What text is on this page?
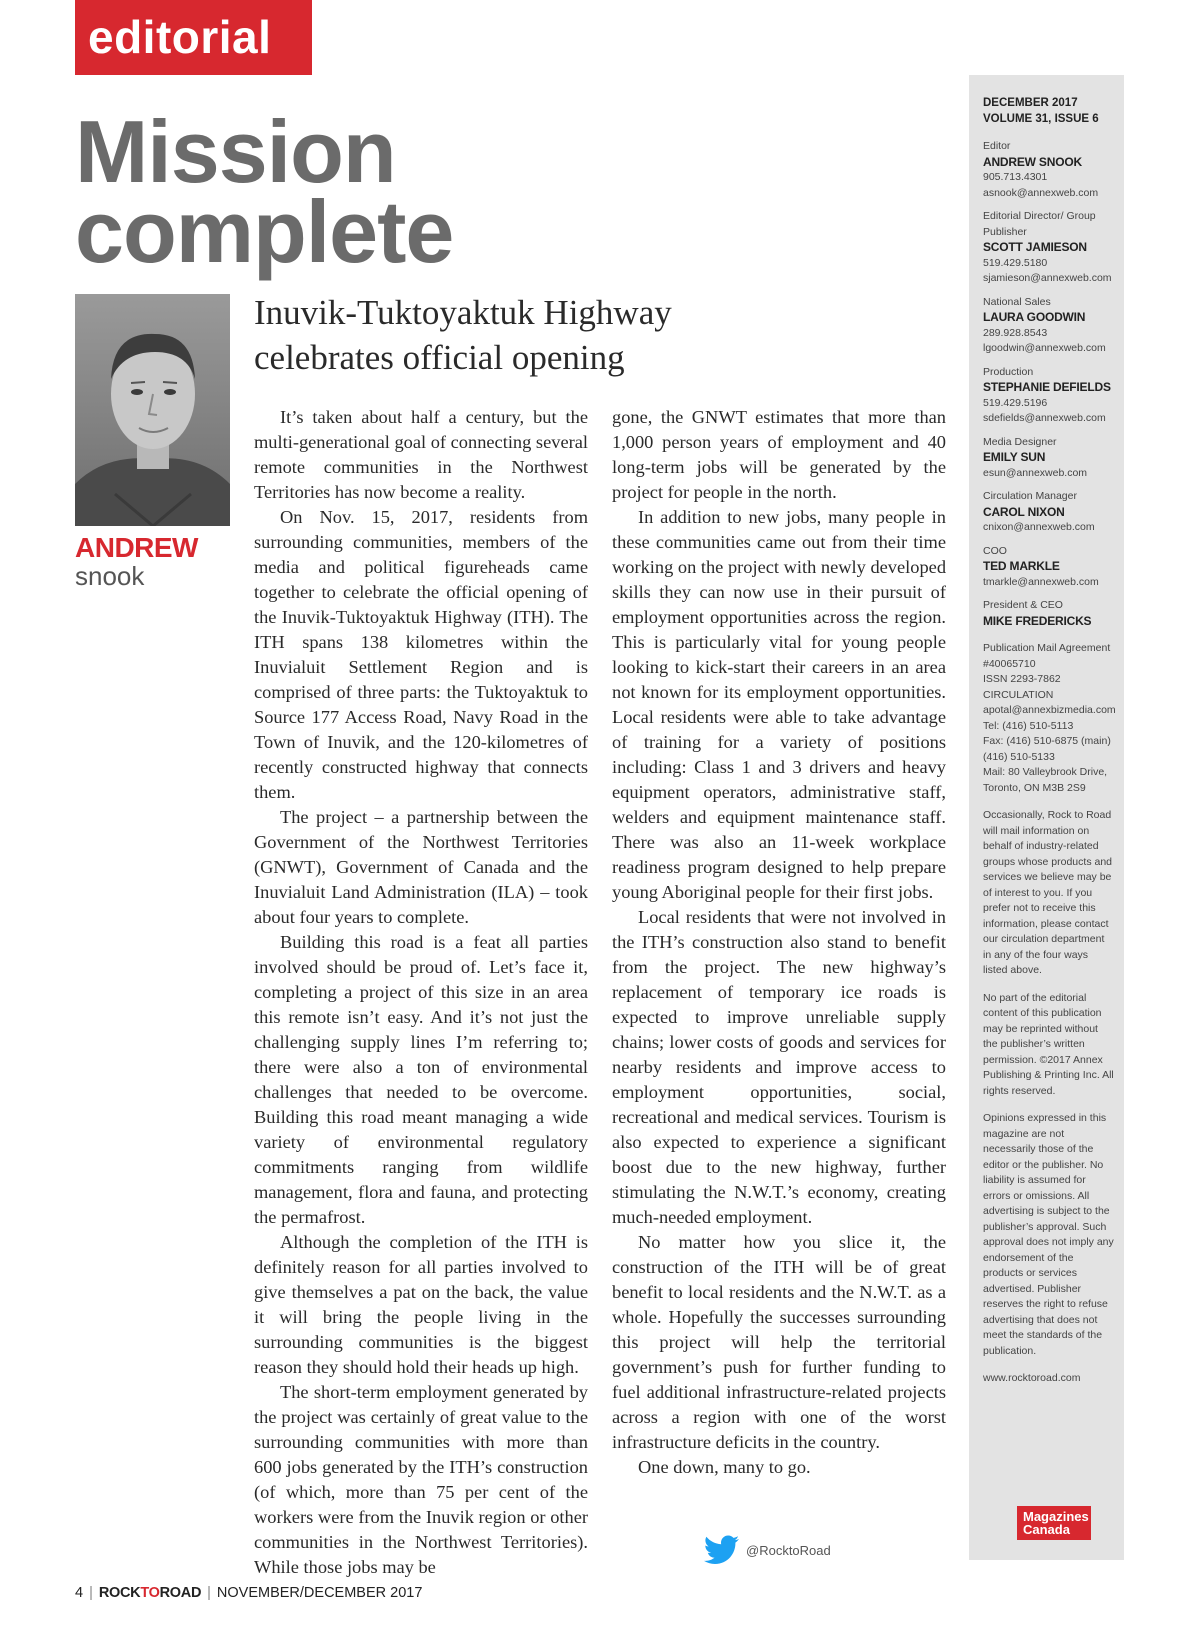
editorial
Mission
complete
ANDREW
snook
Inuvik-Tuktoyaktuk Highway
celebrates official opening

It’s taken about half a century, but the multi-generational goal of connecting several remote communities in the Northwest Territories has now become a reality.

On Nov. 15, 2017, residents from surrounding communities, members of the media and political figureheads came together to celebrate the official opening of the Inuvik-Tuktoyaktuk Highway (ITH). The ITH spans 138 kilometres within the Inuvialuit Settlement Region and is comprised of three parts: the Tuktoyaktuk to Source 177 Access Road, Navy Road in the Town of Inuvik, and the 120-kilometres of recently constructed highway that connects them.

The project – a partnership between the Government of the Northwest Territories (GNWT), Government of Canada and the Inuvialuit Land Administration (ILA) – took about four years to complete.

Building this road is a feat all parties involved should be proud of. Let’s face it, completing a project of this size in an area this remote isn’t easy. And it’s not just the challenging supply lines I’m referring to; there were also a ton of environmental challenges that needed to be overcome. Building this road meant managing a wide variety of environmental regulatory commitments ranging from wildlife management, flora and fauna, and protecting the permafrost.

Although the completion of the ITH is definitely reason for all parties involved to give themselves a pat on the back, the value it will bring the people living in the surrounding communities is the biggest reason they should hold their heads up high.

The short-term employment generated by the project was certainly of great value to the surrounding communities with more than 600 jobs generated by the ITH’s construction (of which, more than 75 per cent of the workers were from the Inuvik region or other communities in the Northwest Territories). While those jobs may be

gone, the GNWT estimates that more than 1,000 person years of employment and 40 long-term jobs will be generated by the project for people in the north.

In addition to new jobs, many people in these communities came out from their time working on the project with newly developed skills they can now use in their pursuit of employment opportunities across the region. This is particularly vital for young people looking to kick-start their careers in an area not known for its employment opportunities. Local residents were able to take advantage of training for a variety of positions including: Class 1 and 3 drivers and heavy equipment operators, administrative staff, welders and equipment maintenance staff. There was also an 11-week workplace readiness program designed to help prepare young Aboriginal people for their first jobs.

Local residents that were not involved in the ITH’s construction also stand to benefit from the project. The new highway’s replacement of temporary ice roads is expected to improve unreliable supply chains; lower costs of goods and services for nearby residents and improve access to employment opportunities, social, recreational and medical services. Tourism is also expected to experience a significant boost due to the new highway, further stimulating the N.W.T.’s economy, creating much-needed employment.

No matter how you slice it, the construction of the ITH will be of great benefit to local residents and the N.W.T. as a whole. Hopefully the successes surrounding this project will help the territorial government’s push for further funding to fuel additional infrastructure-related projects across a region with one of the worst infrastructure deficits in the country.

One down, many to go.

@RocktoRoad
DECEMBER 2017
VOLUME 31, ISSUE 6
Editor
ANDREW SNOOK
905.713.4301
asnook@annexweb.com
Editorial Director/ Group Publisher
SCOTT JAMIESON
519.429.5180
sjamieson@annexweb.com
National Sales
LAURA GOODWIN
289.928.8543
lgoodwin@annexweb.com
Production
STEPHANIE DEFIELDS
519.429.5196
sdefields@annexweb.com
Media Designer
EMILY SUN
esun@annexweb.com
Circulation Manager
CAROL NIXON
cnixon@annexweb.com
COO
TED MARKLE
tmarkle@annexweb.com
President & CEO
MIKE FREDERICKS
Publication Mail Agreement #40065710
ISSN 2293-7862
CIRCULATION
apotal@annexbizmedia.com
Tel: (416) 510-5113
Fax: (416) 510-6875 (main) (416) 510-5133
Mail: 80 Valleybrook Drive, Toronto, ON M3B 2S9
Occasionally, Rock to Road will mail information on behalf of industry-related groups whose products and services we believe may be of interest to you. If you prefer not to receive this information, please contact our circulation department in any of the four ways listed above.
No part of the editorial content of this publication may be reprinted without the publisher’s written permission. ©2017 Annex Publishing & Printing Inc. All rights reserved.
Opinions expressed in this magazine are not necessarily those of the editor or the publisher. No liability is assumed for errors or omissions. All advertising is subject to the publisher’s approval. Such approval does not imply any endorsement of the products or services advertised. Publisher reserves the right to refuse advertising that does not meet the standards of the publication.
www.rocktoroad.com
Magazines
Canada
4 | ROCKTOROAD | NOVEMBER/DECEMBER 2017
